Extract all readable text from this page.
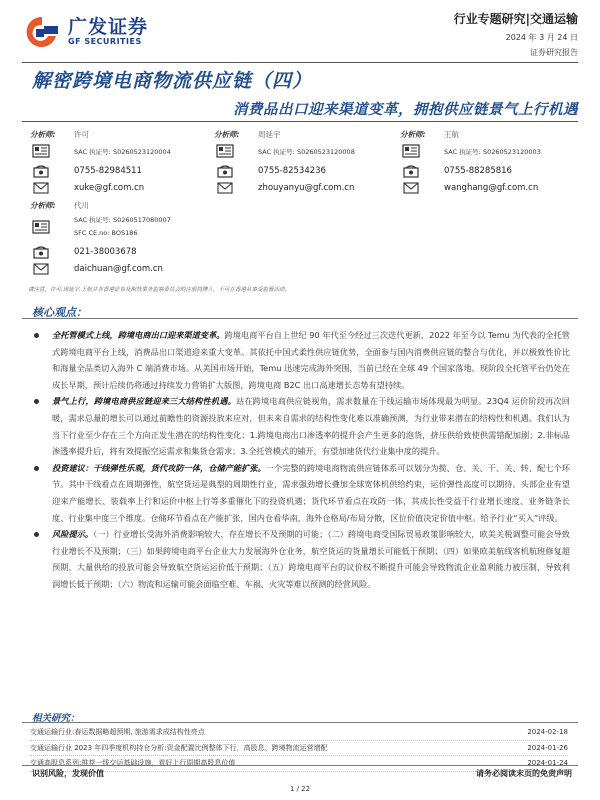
广发证券
GF SECURITIES
行业专题研究|交通运输
2024 年 3 月 24 日
证券研究报告
解密跨境电商物流供应链（四）
消费品出口迎来渠道变革，拥抱供应链景气上行机遇
分析师:	许可
SAC 执证号: S0260523120004
0755-82984511
xuke@gf.com.cn
分析师:	周延宇
SAC 执证号: S0260523120008
0755-82534236
zhouyanyu@gf.com.cn
分析师:	王航
SAC 执证号: S0260523120003
0755-88285816
wanghang@gf.com.cn
分析师:	代川
SAC 执证号: S0260517080007
SFC CE.no: BOS186
021-38003678
daichuan@gf.com.cn
请注意，许可,周延宇,王航并非香港证券及期货事务监察委员会的注册持牌人，不可在香港从事受监管活动。
核心观点：
全托管模式上线，跨境电商出口迎来渠道变革。跨境电商平台自上世纪 90 年代至今经过三次迭代更新，2022 年至今以 Temu 为代表的全托管式跨境电商平台上线，消费品出口渠道迎来重大变革。其依托中国式柔性供应链优势，全面参与国内消费供应链的整合与优化，并以极致性价比和海量全品类切入海外 C 端消费市场。从美国市场开始，Temu 迅速完成海外突围，当前已经在全球 49 个国家落地。现阶段全托管平台仍处在成长早期，预计后续仍将通过持续发力营销扩大版图，跨境电商 B2C 出口高速增长态势有望持续。
景气上行，跨境电商供应链迎来三大结构性机遇。站在跨境电商供应链视角，需求数量在干线运输市场体现最为明显。23Q4 运价阶段再次回暖，需求总量的增长可以通过前瞻性的资源投放来应对，但未来自需求的结构性变化难以准确预测，为行业带来潜在的结构性和机遇。我们认为当下行业至少存在三个方向正发生潜在的结构性变化：1.跨境电商出口渗透率的提升会产生更多的泡货，挤压供给致使供需错配加剧；2.非标品渗透率提升后，将有效提振空运需求和集货仓需求；3.全托管模式的铺开，有望加速货代行业集中度的提升。
投资建议：干线弹性乐观，货代攻防一体，仓储产能扩张。一个完整的跨境电商物流供应链体系可以划分为揽、仓、关、干、关、转、配七个环节。其中干线看点在周期弹性，航空货运是典型的周期性行业，需求强劲增长叠加全球宽体机供给约束，运价弹性高度可以期待。头部企业有望迎来产能增长、装载率上行和运价中枢上行等多重催化下的投资机遇；货代环节看点在攻防一体，其成长性受益于行业增长速度、业务链条长度、行业集中度三个维度。仓储环节看点在产能扩张，国内仓看华南，海外仓格局/布局分散，区位价值决定价值中枢。给予行业“买入”评级。
风险提示。（一）行业增长受海外消费影响较大，存在增长不及预期的可能；（二）跨境电商受国际贸易政策影响较大，欧美关税调整可能会导致行业增长不及预期；（三）如果跨境电商平台企业大力发展海外仓业务，航空货运的货量增长可能低于预期；（四）如果欧美航线客机航班修复超预期，大量供给的投放可能会导致航空货运运价低于预期；（五）跨境电商平台的议价权不断提升可能会导致物流企业盈利能力被压制，导致利润增长低于预期；（六）物流和运输可能会面临空难、车祸、火灾等难以预测的经营风险。
相关研究：
交通运输行业:春运数据略超预期, 旅游需求成结构性亮点	2024-02-18
交通运输行业 2023 年四季度机构持仓分析:资金配置比例整体下行，高股息、跨境物流运营增配	2024-01-26
交通高股息系列:推荐一线交运基础设施，看好上行周期高股息价值	2024-01-24
识别风险，发现价值	请务必阅读末页的免责声明
1 / 22
